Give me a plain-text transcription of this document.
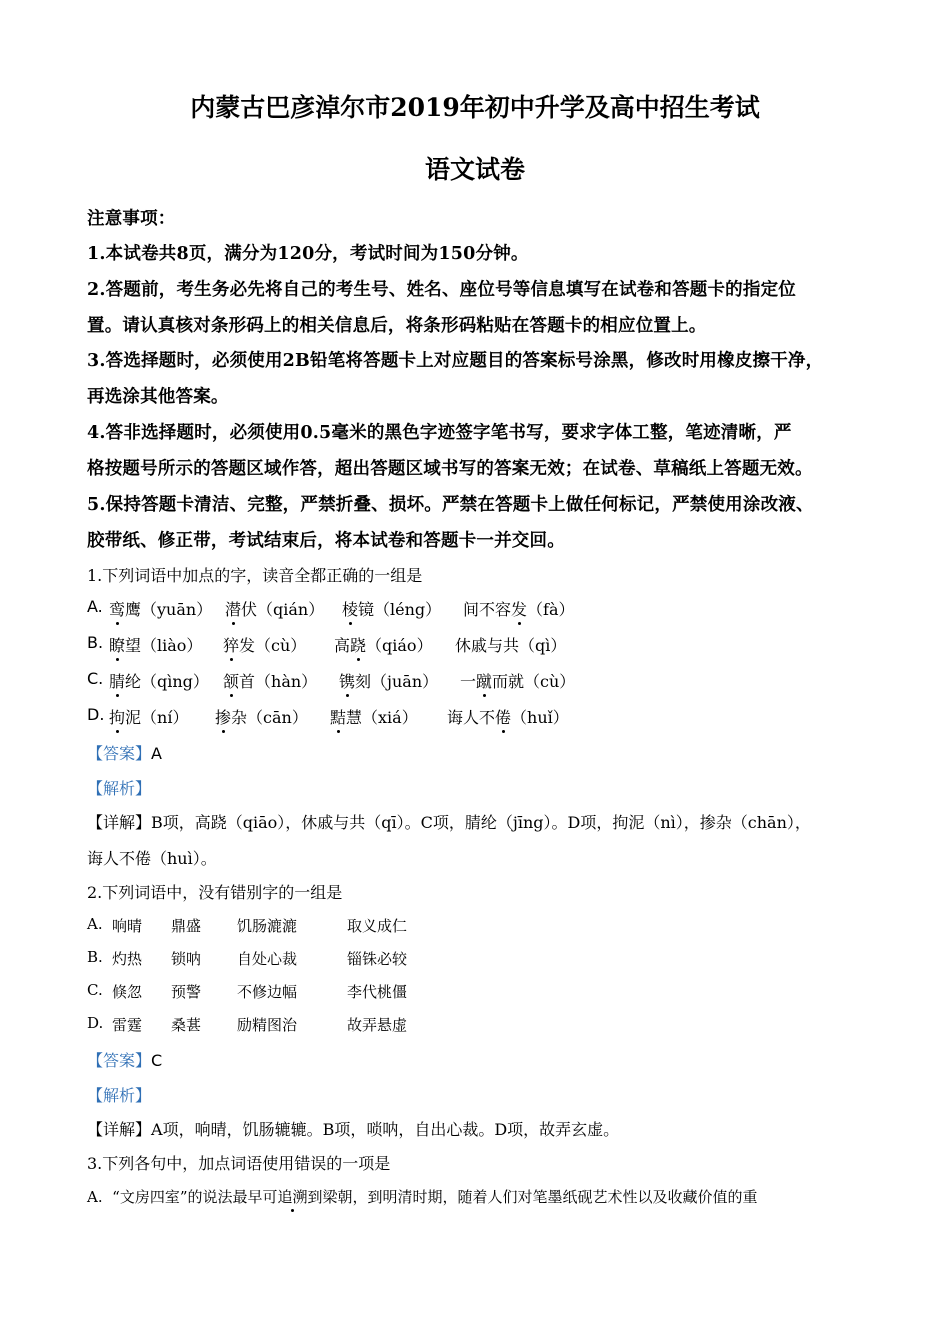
内蒙古巴彦淖尔市2019年初中升学及高中招生考试
语文试卷
注意事项：
1.本试卷共8页，满分为120分，考试时间为150分钟。
2.答题前，考生务必先将自己的考生号、姓名、座位号等信息填写在试卷和答题卡的指定位
置。请认真核对条形码上的相关信息后，将条形码粘贴在答题卡的相应位置上。
3.答选择题时，必须使用2B铅笔将答题卡上对应题目的答案标号涂黑，修改时用橡皮擦干净，
再选涂其他答案。
4.答非选择题时，必须使用0.5毫米的黑色字迹签字笔书写，要求字体工整，笔迹清晰，严
格按题号所示的答题区域作答，超出答题区域书写的答案无效；在试卷、草稿纸上答题无效。
5.保持答题卡清洁、完整，严禁折叠、损坏。严禁在答题卡上做任何标记，严禁使用涂改液、
胶带纸、修正带，考试结束后，将本试卷和答题卡一并交回。
1.下列词语中加点的字，读音全都正确的一组是
A. 鸾鹰（yuān） 潜伏（qián） 棱镜（léng） 间不容发（fà）
B. 瞭望（liào） 猝发（cù） 高跷（qiáo） 休戚与共（qì）
C. 腈纶（qìng） 颔首（hàn） 镌刻（juān） 一蹴而就（cù）
D. 拘泥（ní） 掺杂（cān） 黠慧（xiá） 诲人不倦（huǐ）
【答案】A
【解析】
【详解】B项，高跷（qiāo），休戚与共（qī）。C项，腈纶（jīng）。D项，拘泥（nì），掺杂（chān），
诲人不倦（huì）。
2.下列词语中，没有错别字的一组是
A. 响晴 鼎盛 饥肠漉漉	取义成仁
B. 灼热 锁呐 自处心裁	锱铢必较
C. 倏忽 预警 不修边幅	李代桃僵
D. 雷霆 桑葚 励精图治	故弄悬虚
【答案】C
【解析】
【详解】A项，响晴，饥肠辘辘。B项，唢呐，自出心裁。D项，故弄玄虚。
3.下列各句中，加点词语使用错误的一项是
A. “文房四室”的说法最早可追溯到梁朝，到明清时期，随着人们对笔墨纸砚艺术性以及收藏价值的重
